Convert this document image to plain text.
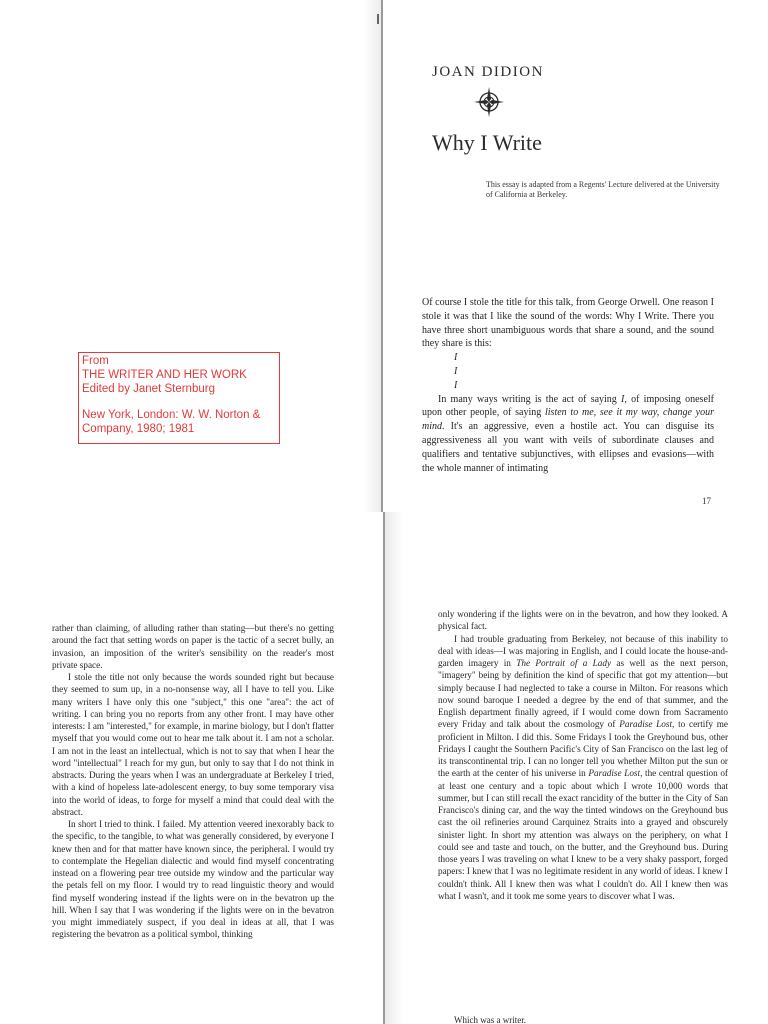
JOAN DIDION
Why I Write
This essay is adapted from a Regents' Lecture delivered at the University of California at Berkeley.

Of course I stole the title for this talk, from George Orwell. One reason I stole it was that I like the sound of the words: Why I Write. There you have three short unambiguous words that share a sound, and the sound they share is this:

I
I
I

In many ways writing is the act of saying I, of imposing oneself upon other people, of saying listen to me, see it my way, change your mind. It's an aggressive, even a hostile act. You can disguise its aggressiveness all you want with veils of subordinate clauses and qualifiers and tentative subjunctives, with ellipses and evasions—with the whole manner of intimating

17
From
THE WRITER AND HER WORK
Edited by Janet Sternburg
New York, London: W. W. Norton &
Company, 1980; 1981

rather than claiming, of alluding rather than stating—but there's no getting around the fact that setting words on paper is the tactic of a secret bully, an invasion, an imposition of the writer's sensibility on the reader's most private space.

I stole the title not only because the words sounded right but because they seemed to sum up, in a no-nonsense way, all I have to tell you. Like many writers I have only this one "subject," this one "area": the act of writing. I can bring you no reports from any other front. I may have other interests: I am "interested," for example, in marine biology, but I don't flatter myself that you would come out to hear me talk about it. I am not a scholar. I am not in the least an intellectual, which is not to say that when I hear the word "intellectual" I reach for my gun, but only to say that I do not think in abstracts. During the years when I was an undergraduate at Berkeley I tried, with a kind of hopeless late-adolescent energy, to buy some temporary visa into the world of ideas, to forge for myself a mind that could deal with the abstract.

In short I tried to think. I failed. My attention veered inexorably back to the specific, to the tangible, to what was generally considered, by everyone I knew then and for that matter have known since, the peripheral. I would try to contemplate the Hegelian dialectic and would find myself concentrating instead on a flowering pear tree outside my window and the particular way the petals fell on my floor. I would try to read linguistic theory and would find myself wondering instead if the lights were on in the bevatron up the hill. When I say that I was wondering if the lights were on in the bevatron you might immediately suspect, if you deal in ideas at all, that I was registering the bevatron as a political symbol, thinking

only wondering if the lights were on in the bevatron, and how they looked. A physical fact.

I had trouble graduating from Berkeley, not because of this inability to deal with ideas—I was majoring in English, and I could locate the house-and-garden imagery in The Portrait of a Lady as well as the next person, "imagery" being by definition the kind of specific that got my attention—but simply because I had neglected to take a course in Milton. For reasons which now sound baroque I needed a degree by the end of that summer, and the English department finally agreed, if I would come down from Sacramento every Friday and talk about the cosmology of Paradise Lost, to certify me proficient in Milton. I did this. Some Fridays I took the Greyhound bus, other Fridays I caught the Southern Pacific's City of San Francisco on the last leg of its transcontinental trip. I can no longer tell you whether Milton put the sun or the earth at the center of his universe in Paradise Lost, the central question of at least one century and a topic about which I wrote 10,000 words that summer, but I can still recall the exact rancidity of the butter in the City of San Francisco's dining car, and the way the tinted windows on the Greyhound bus cast the oil refineries around Carquinez Straits into a grayed and obscurely sinister light. In short my attention was always on the periphery, on what I could see and taste and touch, on the butter, and the Greyhound bus. During those years I was traveling on what I knew to be a very shaky passport, forged papers: I knew that I was no legitimate resident in any world of ideas. I knew I couldn't think. All I knew then was what I couldn't do. All I knew then was what I wasn't, and it took me some years to discover what I was.

Which was a writer.
